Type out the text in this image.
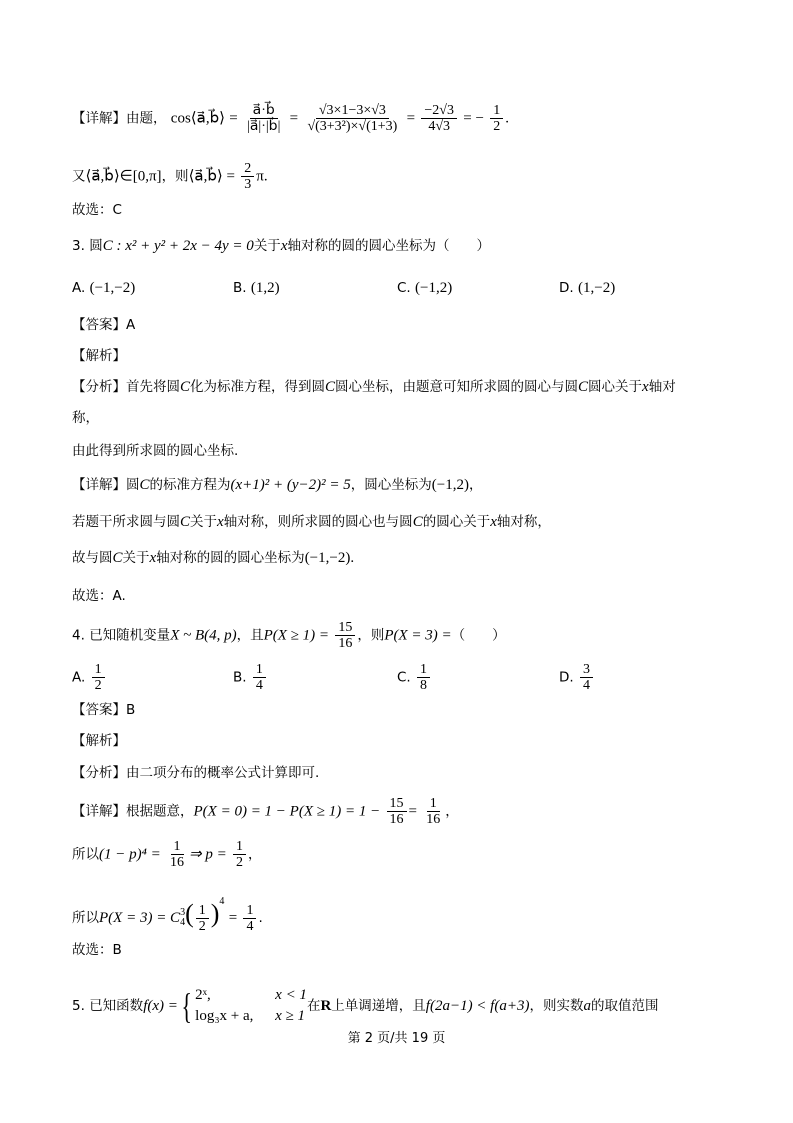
【详解】由题， cos⟨a⃗,b⃗⟩ = $\frac{a⃗\cdot b⃗}{|a⃗|\cdot|b⃗|} = \frac{√3\times 1-3\times√3}{\text{√(3+3²)×√(1+3)}} = \frac{-2√3}{4√3}$ = − $\frac{1}{2}$ .
又⟨a⃗,b⃗⟩∈[0,π]，则⟨a⃗,b⃗⟩ = $\frac{2}{3} \pi$.
故选：C
3. 圆C : x² + y² + 2x − 4y = 0关于x轴对称的圆的圆心坐标为（　　）
A. (−1,−2)	B. (1,2)	C. (−1,2)	D. (1,−2)
【答案】A
【解析】
【分析】首先将圆C化为标准方程，得到圆C圆心坐标，由题意可知所求圆的圆心与圆C圆心关于x轴对
称，
由此得到所求圆的圆心坐标.
【详解】圆C的标准方程为(x+1)² + (y−2)² = 5，圆心坐标为(−1,2)，
若题干所求圆与圆C关于x轴对称，则所求圆的圆心也与圆C的圆心关于x轴对称，
故与圆C关于x轴对称的圆的圆心坐标为(−1,−2).
故选：A.
4. 已知随机变量X ~ B(4, p)，且$P(X \ge 1) = \frac{15}{16}$ ，则P(X = 3) =（　　）
A. $\frac{1}{2}$	B. $\frac{1}{4}$	C. $\frac{1}{8}$	D. $\frac{3}{4}$
【答案】B
【解析】
【分析】由二项分布的概率公式计算即可.
【详解】根据题意，$P(X = 0) = 1 - P(X \ge 1) = 1 - \frac{15}{16} = \frac{1}{16}$ ，
所以$(1 - p)^4 = \frac{1}{16}$ ⇒ $p = \frac{1}{2}$ ，
所以P(X = 3) = C 3
4 ( $\frac{1}{2} )^4 = \frac{1}{4}$ .
故选：B
5. 已知函数f(x) ={ 2ˣ,	x < 1
log₃x + a, x ≥ 1
在R上单调递增，且f(2a−1) < f(a+3)，则实数a的取值范围
第 2 页/共 19 页
